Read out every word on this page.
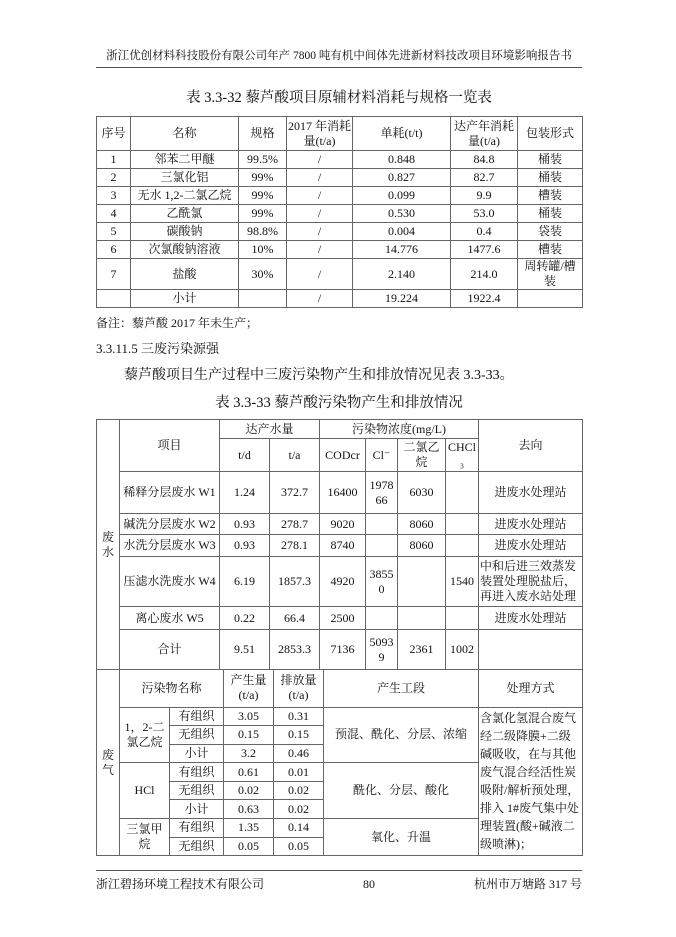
浙江优创材料科技股份有限公司年产 7800 吨有机中间体先进新材料技改项目环境影响报告书
表 3.3-32 藜芦酸项目原辅材料消耗与规格一览表
序号	名称	规格	2017 年消耗量(t/a)	单耗(t/t)	达产年消耗量(t/a)	包装形式
1	邻苯二甲醚	99.5%	/	0.848	84.8	桶装
2	三氯化铝	99%	/	0.827	82.7	桶装
3	无水 1,2-二氯乙烷	99%	/	0.099	9.9	槽装
4	乙酰氯	99%	/	0.530	53.0	桶装
5	碳酸钠	98.8%	/	0.004	0.4	袋装
6	次氯酸钠溶液	10%	/	14.776	1477.6	槽装
7	盐酸	30%	/	2.140	214.0	周转罐/槽装
	小计		/	19.224	1922.4	
备注：藜芦酸 2017 年未生产；
3.3.11.5 三废污染源强
藜芦酸项目生产过程中三废污染物产生和排放情况见表 3.3-33。
表 3.3-33 藜芦酸污染物产生和排放情况
废水	项目	达产水量		污染物浓度(mg/L)				去向
		t/d	t/a	CODcr	Cl⁻	二氯乙烷	CHCl₃	
	稀释分层废水 W1	1.24	372.7	16400	197866	6030		进废水处理站
	碱洗分层废水 W2	0.93	278.7	9020		8060		进废水处理站
	水洗分层废水 W3	0.93	278.1	8740		8060		进废水处理站
	压滤水洗废水 W4	6.19	1857.3	4920	38550		1540	中和后进三效蒸发装置处理脱盐后，再进入废水站处理
	离心废水 W5	0.22	66.4	2500				进废水处理站
	合计	9.51	2853.3	7136	50939	2361	1002	
废气	污染物名称		产生量(t/a)	排放量(t/a)	产生工段	处理方式
	1，2-二氯乙烷	有组织	3.05	0.31	预混、酰化、分层、浓缩	含氯化氢混合废气经二级降膜+二级碱吸收，在与其他废气混合经活性炭吸附/解析预处理，排入 1#废气集中处理装置(酸+碱液二级喷淋)；
		无组织	0.15	0.15		
		小计	3.2	0.46		
	HCl	有组织	0.61	0.01	酰化、分层、酸化	
		无组织	0.02	0.02		
		小计	0.63	0.02		
	三氯甲烷	有组织	1.35	0.14	氧化、升温	
		无组织	0.05	0.05		
浙江碧扬环境工程技术有限公司	80	杭州市万塘路 317 号
